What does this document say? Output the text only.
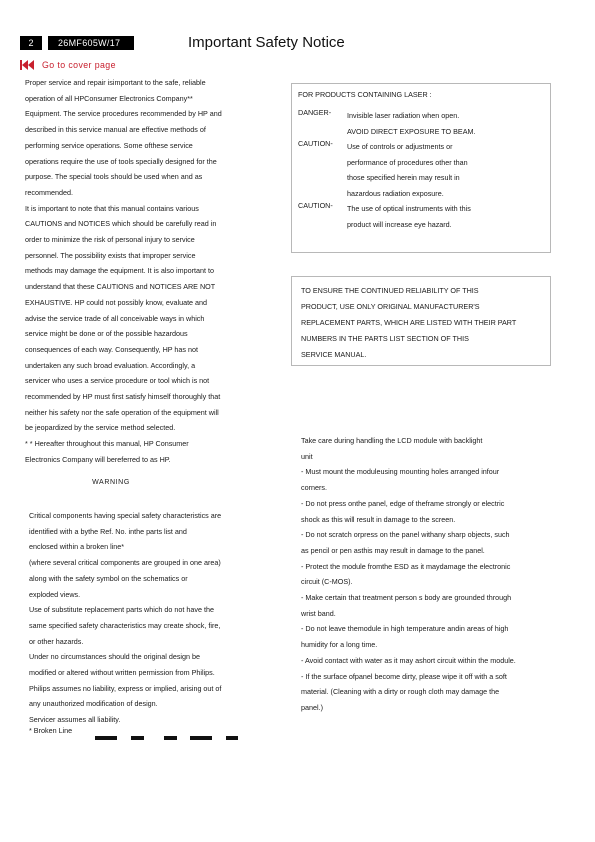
2	26MF605W/17	Important Safety Notice
Go to cover page

Proper service and repair isimportant to the safe, reliable

operation of all HPConsumer Electronics Company**

Equipment. The service procedures recommended by HP and

described in this service manual are effective methods of

performing service operations. Some ofthese service

operations require the use of tools specially designed for the

purpose. The special tools should be used when and as

recommended.

It is important to note that this manual contains various

CAUTIONS and NOTICES which should be carefully read in

order to minimize the risk of personal injury to service

personnel. The possibility exists that improper service

methods may damage the equipment. It is also important to

understand that these CAUTIONS and NOTICES ARE NOT

EXHAUSTIVE. HP could not possibly know, evaluate and

advise the service trade of all conceivable ways in which

service might be done or of the possible hazardous

consequences of each way. Consequently, HP has not

undertaken any such broad evaluation. Accordingly, a

servicer who uses a service procedure or tool which is not

recommended by HP must first satisfy himself thoroughly that

neither his safety nor the safe operation of the equipment will

be jeopardized by the service method selected.

* * Hereafter throughout this manual, HP Consumer

Electronics Company will bereferred to as HP.

WARNING

Critical components having special safety characteristics are

identified with a bythe Ref. No. inthe parts list and

enclosed within a broken line*

(where several critical components are grouped in one area)

along with the safety symbol on the schematics or

exploded views.

Use of substitute replacement parts which do not have the

same specified safety characteristics may create shock, fire,

or other hazards.

Under no circumstances should the original design be

modified or altered without written permission from Philips.

Philips assumes no liability, express or implied, arising out of

any unauthorized modification of design.

Servicer assumes all liability.

* Broken Line
FOR PRODUCTS CONTAINING LASER :
DANGER- Invisible laser radiation when open.
AVOID DIRECT EXPOSURE TO BEAM.
CAUTION- Use of controls or adjustments or
performance of procedures other than
those specified herein may result in
hazardous radiation exposure.
CAUTION- The use of optical instruments with this
product will increase eye hazard.

TO ENSURE THE CONTINUED RELIABILITY OF THIS

PRODUCT, USE ONLY ORIGINAL MANUFACTURER'S

REPLACEMENT PARTS, WHICH ARE LISTED WITH THEIR PART

NUMBERS IN THE PARTS LIST SECTION OF THIS

SERVICE MANUAL.

Take care during handling the LCD module with backlight

unit

- Must mount the moduleusing mounting holes arranged infour

corners.

- Do not press onthe panel, edge of theframe strongly or electric

shock as this will result in damage to the screen.

- Do not scratch orpress on the panel withany sharp objects, such

as pencil or pen asthis may result in damage to the panel.

- Protect the module fromthe ESD as it maydamage the electronic

circuit (C-MOS).

- Make certain that treatment person s body are grounded through

wrist band.

- Do not leave themodule in high temperature andin areas of high

humidity for a long time.

- Avoid contact with water as it may ashort circuit within the module.

- If the surface ofpanel become dirty, please wipe it off with a soft

material. (Cleaning with a dirty or rough cloth may damage the

panel.)
